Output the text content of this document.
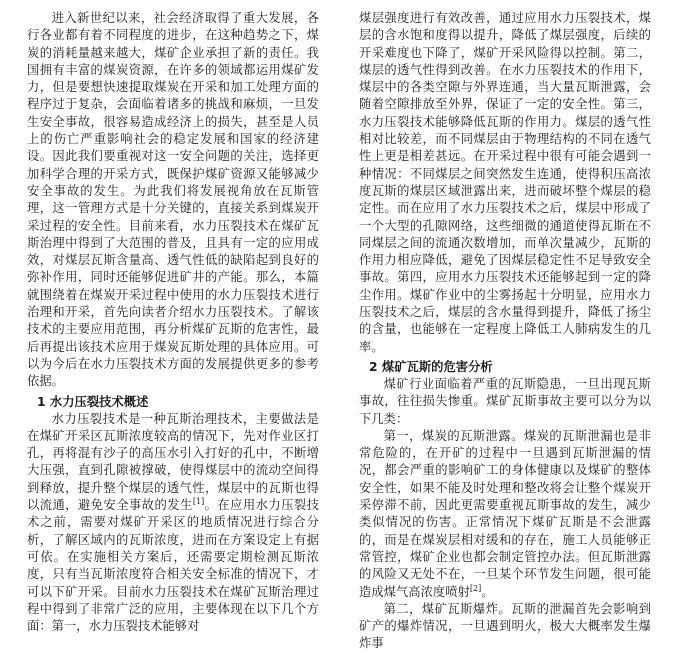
进入新世纪以来，社会经济取得了重大发展，各行各业都有着不同程度的进步，在这种趋势之下，煤炭的消耗量越来越大，煤矿企业承担了新的责任。我国拥有丰富的煤炭资源，在许多的领域都运用煤矿发力，但是要想快速提取煤炭在开采和加工处理方面的程序过于复杂，会面临着诸多的挑战和麻烦，一旦发生安全事故，很容易造成经济上的损失，甚至是人员上的伤亡严重影响社会的稳定发展和国家的经济建设。因此我们要重视对这一安全问题的关注，选择更加科学合理的开采方式，既保护煤矿资源又能够减少安全事故的发生。为此我们将发展视角放在瓦斯管理，这一管理方式是十分关键的，直接关系到煤炭开采过程的安全性。目前来看，水力压裂技术在煤矿瓦斯治理中得到了大范围的普及，且具有一定的应用成效，对煤层瓦斯含量高、透气性低的缺陷起到良好的弥补作用，同时还能够促进矿井的产能。那么，本篇就围绕着在煤炭开采过程中使用的水力压裂技术进行治理和开采，首先向读者介绍水力压裂技术。了解该技术的主要应用范围，再分析煤矿瓦斯的危害性，最后再提出该技术应用于煤炭瓦斯处理的具体应用。可以为今后在水力压裂技术方面的发展提供更多的参考依据。

1 水力压裂技术概述

水力压裂技术是一种瓦斯治理技术，主要做法是在煤矿开采区瓦斯浓度较高的情况下，先对作业区打孔，再将混有沙子的高压水引入打好的孔中，不断增大压强，直到孔隙被撑破，使得煤层中的流动空间得到释放，提升整个煤层的透气性，煤层中的瓦斯也得以流通，避免安全事故的发生[1]。在应用水力压裂技术之前，需要对煤矿开采区的地质情况进行综合分析，了解区域内的瓦斯浓度，进而在方案设定上有据可依。在实施相关方案后，还需要定期检测瓦斯浓度，只有当瓦斯浓度符合相关安全标准的情况下，才可以下矿开采。目前水力压裂技术在煤矿瓦斯治理过程中得到了非常广泛的应用，主要体现在以下几个方面：第一，水力压裂技术能够对

煤层强度进行有效改善，通过应用水力压裂技术，煤层的含水饱和度得以提升，降低了煤层强度，后续的开采难度也下降了，煤矿开采风险得以控制。第二，煤层的透气性得到改善。在水力压裂技术的作用下，煤层中的各类空隙与外界连通，当大量瓦斯泄露，会随着空隙排放至外界，保证了一定的安全性。第三，水力压裂技术能够降低瓦斯的作用力。煤层的透气性相对比较差，而不同煤层由于物理结构的不同在透气性上更是相差甚远。在开采过程中很有可能会遇到一种情况：不同煤层之间突然发生连通，使得积压高浓度瓦斯的煤层区域泄露出来，进而破坏整个煤层的稳定性。而在应用了水力压裂技术之后，煤层中形成了一个大型的孔隙网络，这些细微的通道使得瓦斯在不同煤层之间的流通次数增加，而单次量减少，瓦斯的作用力相应降低，避免了因煤层稳定性不足导致安全事故。第四，应用水力压裂技术还能够起到一定的降尘作用。煤矿作业中的尘雾扬起十分明显，应用水力压裂技术之后，煤层的含水量得到提升，降低了扬尘的含量，也能够在一定程度上降低工人肺病发生的几率。

2 煤矿瓦斯的危害分析

煤矿行业面临着严重的瓦斯隐患，一旦出现瓦斯事故，往往损失惨重。煤矿瓦斯事故主要可以分为以下几类：

第一，煤炭的瓦斯泄露。煤炭的瓦斯泄漏也是非常危险的，在开矿的过程中一旦遇到瓦斯泄漏的情况，都会严重的影响矿工的身体健康以及煤矿的整体安全性，如果不能及时处理和整改将会让整个煤炭开采停滞不前，因此更需要重视瓦斯事故的发生，减少类似情况的伤害。正常情况下煤矿瓦斯是不会泄露的，而是在煤炭层相对缓和的存在，施工人员能够正常管控，煤矿企业也都会制定管控办法。但瓦斯泄露的风险又无处不在，一旦某个环节发生问题，很可能造成煤气高浓度喷射[2]。

第二，煤矿瓦斯爆炸。瓦斯的泄漏首先会影响到矿产的爆炸情况，一旦遇到明火，极大大概率发生爆炸事
